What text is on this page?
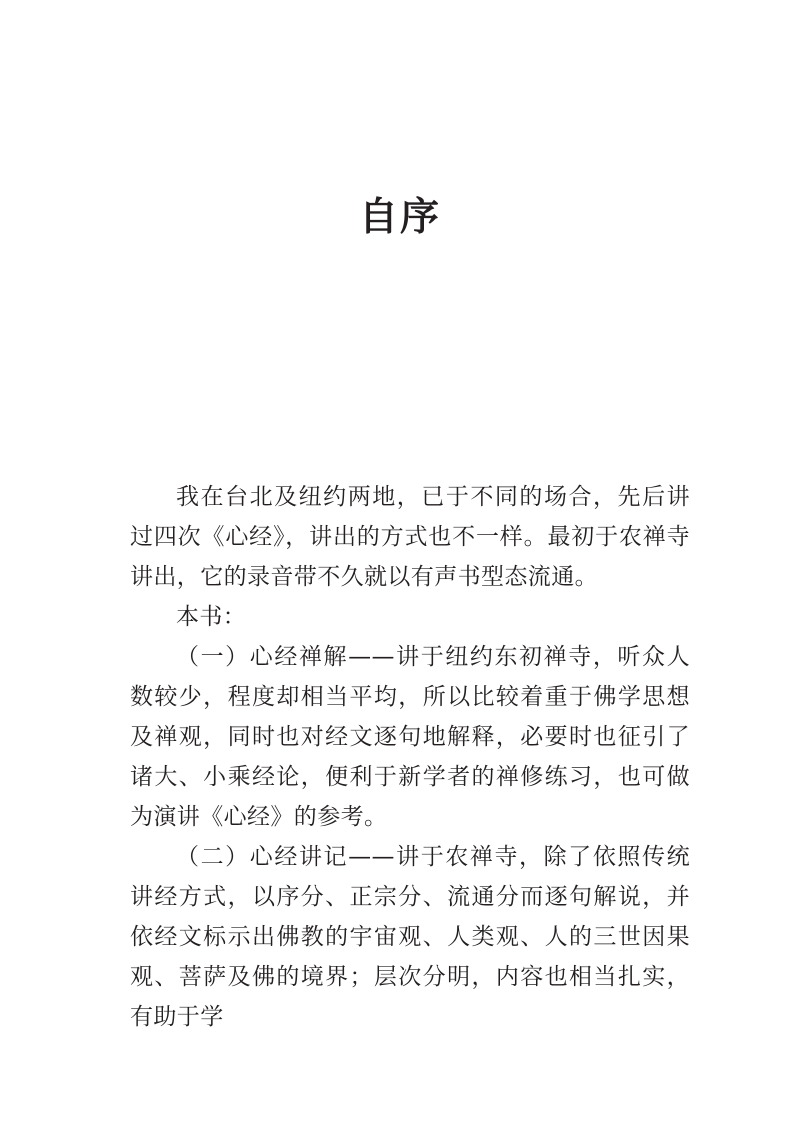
自序

我在台北及纽约两地，已于不同的场合，先后讲过四次《心经》，讲出的方式也不一样。最初于农禅寺讲出，它的录音带不久就以有声书型态流通。

本书：

（一）心经禅解——讲于纽约东初禅寺，听众人数较少，程度却相当平均，所以比较着重于佛学思想及禅观，同时也对经文逐句地解释，必要时也征引了诸大、小乘经论，便利于新学者的禅修练习，也可做为演讲《心经》的参考。

（二）心经讲记——讲于农禅寺，除了依照传统讲经方式，以序分、正宗分、流通分而逐句解说，并依经文标示出佛教的宇宙观、人类观、人的三世因果观、菩萨及佛的境界；层次分明，内容也相当扎实，有助于学
